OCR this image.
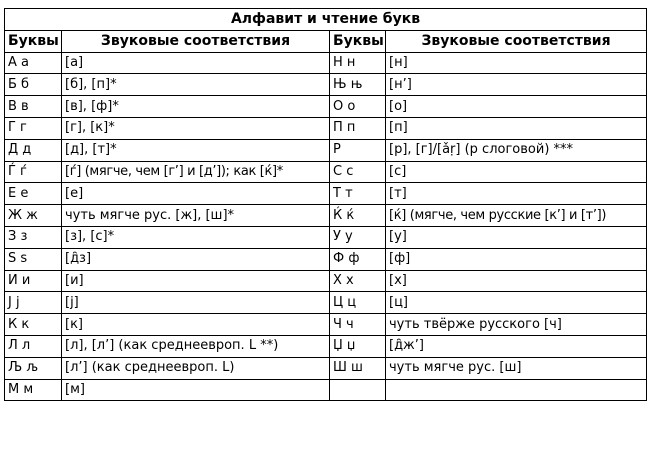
Алфавит и чтение букв			
Буквы	Звуковые соответствия	Буквы	Звуковые соответствия
А а	[а]	Н н	[н]
Б б	[б], [п]*	Њ њ	[н’]
В в	[в], [ф]*	О о	[о]
Г г	[г], [к]*	П п	[п]
Д д	[д], [т]*	Р	[р], [г]/[ǎṛ] (р слоговой) ***
Ѓ ѓ	[ѓ] (мягче, чем [г’] и [д’]); как [ќ]*	С с	[с]
Е е	[е]	Т т	[т]
Ж ж	чуть мягче рус. [ж], [ш]*	Ќ ќ	[ќ] (мягче, чем русские [к’] и [т’])
З з	[з], [с]*	У у	[у]
Ѕ ѕ	[д̑з]	Ф ф	[ф]
И и	[и]	Х х	[х]
Ј ј	[j]	Ц ц	[ц]
К к	[к]	Ч ч	чуть твёрже русского [ч]
Л л	[л], [л’] (как среднеевроп. L **)	Џ џ	[д̑ж’]
Љ љ	[л’] (как среднеевроп. L)	Ш ш	чуть мягче рус. [ш]
М м	[м]		
